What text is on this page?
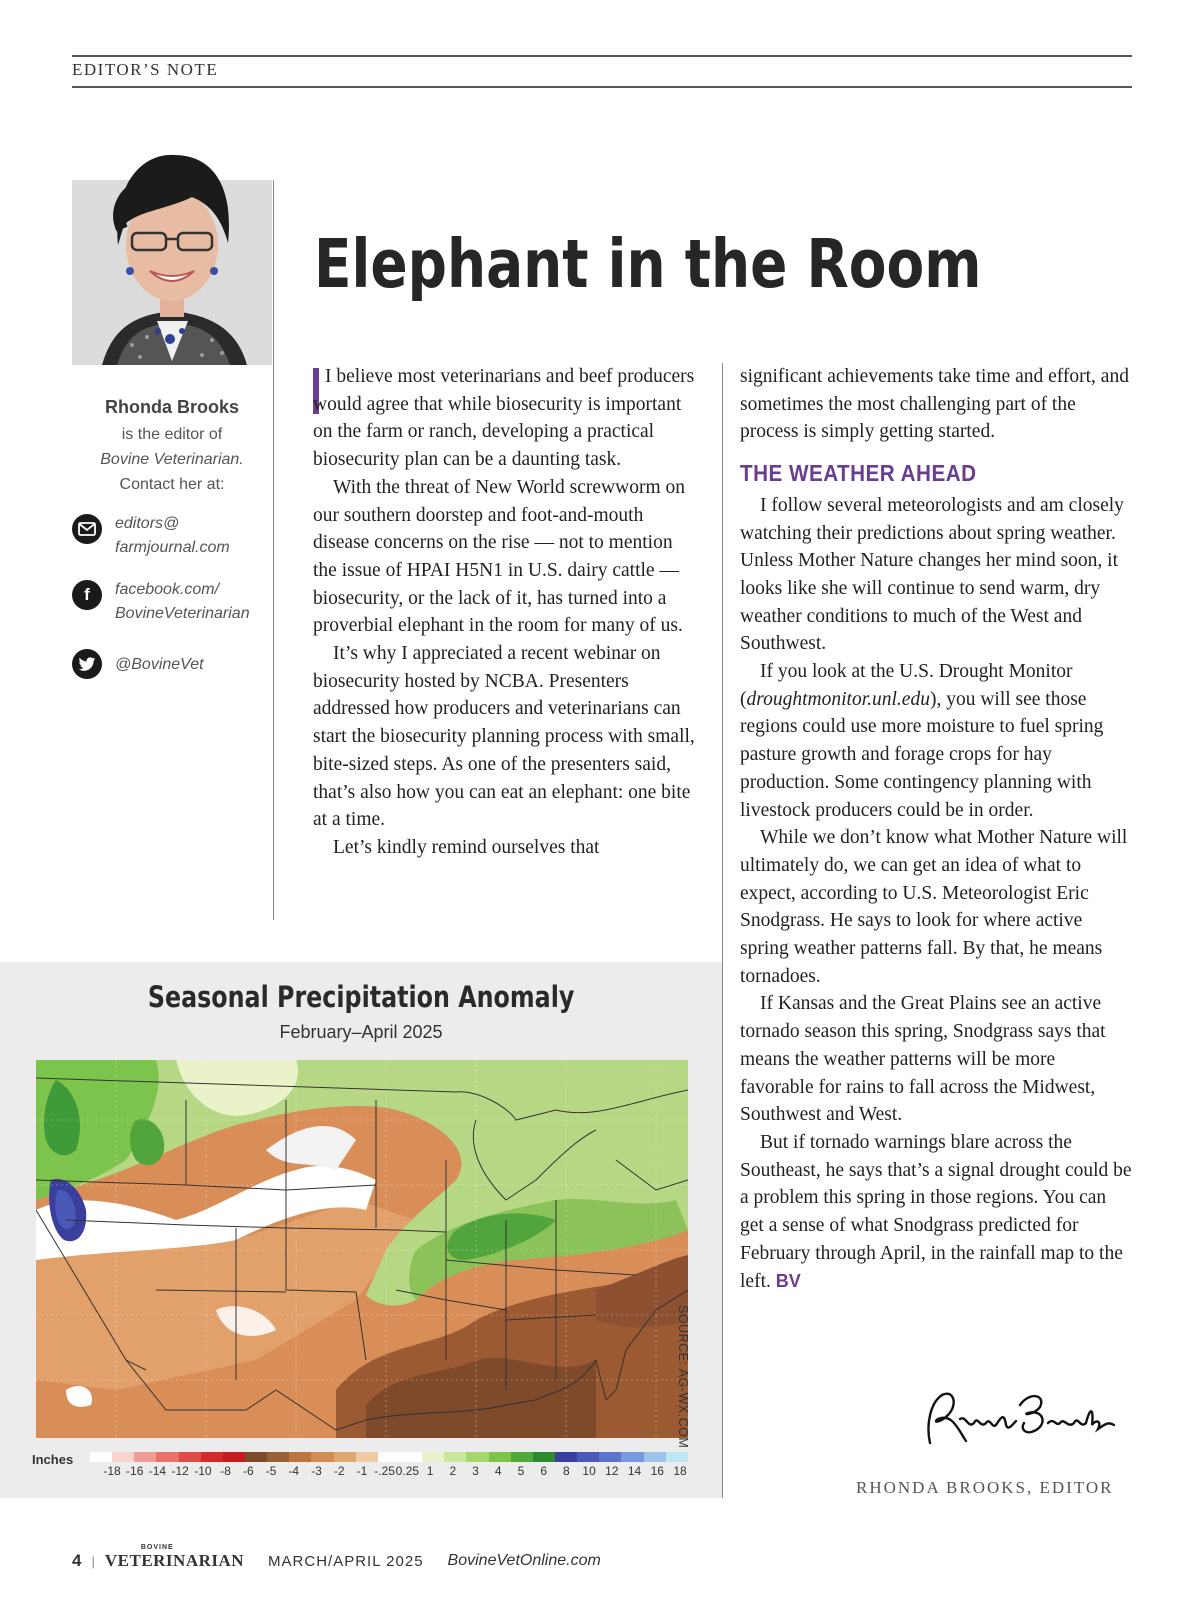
EDITOR’S NOTE
Rhonda Brooks
is the editor of
Bovine Veterinarian.
Contact her at:
editors@
farmjournal.com
f	facebook.com/
BovineVeterinarian
@BovineVet
Elephant in the Room

I believe most veterinarians and beef producers would agree that while biosecurity is important on the farm or ranch, developing a practical biosecurity plan can be a daunting task.

With the threat of New World screwworm on our southern doorstep and foot-and-mouth disease concerns on the rise — not to mention the issue of HPAI H5N1 in U.S. dairy cattle — biosecurity, or the lack of it, has turned into a proverbial elephant in the room for many of us.

It’s why I appreciated a recent webinar on biosecurity hosted by NCBA. Presenters addressed how producers and veterinarians can start the biosecurity planning process with small, bite-sized steps. As one of the presenters said, that’s also how you can eat an elephant: one bite at a time.

Let’s kindly remind ourselves that

significant achievements take time and effort, and sometimes the most challenging part of the process is simply getting started.

THE WEATHER AHEAD

I follow several meteorologists and am closely watching their predictions about spring weather. Unless Mother Nature changes her mind soon, it looks like she will continue to send warm, dry weather conditions to much of the West and Southwest.

If you look at the U.S. Drought Monitor (droughtmonitor.unl.edu), you will see those regions could use more moisture to fuel spring pasture growth and forage crops for hay production. Some contingency planning with livestock producers could be in order.

While we don’t know what Mother Nature will ultimately do, we can get an idea of what to expect, according to U.S. Meteorologist Eric Snodgrass. He says to look for where active spring weather patterns fall. By that, he means tornadoes.

If Kansas and the Great Plains see an active tornado season this spring, Snodgrass says that means the weather patterns will be more favorable for rains to fall across the Midwest, Southwest and West.

But if tornado warnings blare across the Southeast, he says that’s a signal drought could be a problem this spring in those regions. You can get a sense of what Snodgrass predicted for February through April, in the rainfall map to the left. BV

Seasonal Precipitation Anomaly
February–April 2025
SOURCE: AG-WX.COM
Inches
-18 -16 -14 -12 -10 -8 -6 -5 -4 -3 -2 -1 -.25 0.25 1 2 3 4 5 6 8 10 12 14 16 18
RHONDA BROOKS, EDITOR
4 |
BOVINE
VETERINARIAN MARCH/APRIL 2025 BovineVetOnline.com
